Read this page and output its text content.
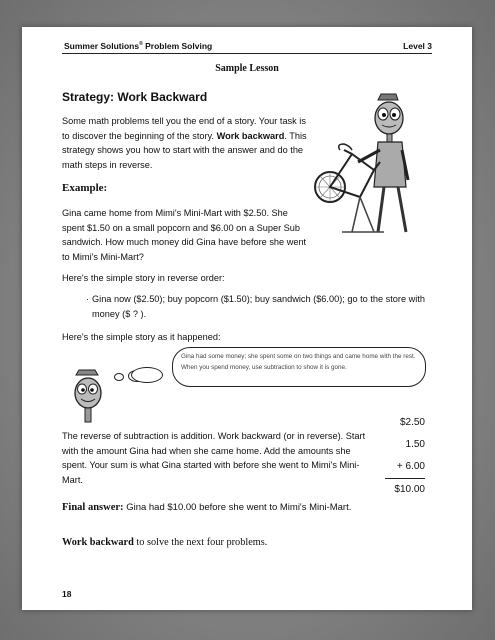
Summer Solutions® Problem Solving	Level 3
Sample Lesson
Strategy: Work Backward
Some math problems tell you the end of a story. Your task is to discover the beginning of the story. Work backward. This strategy shows you how to start with the answer and do the math steps in reverse.
Example:
Gina came home from Mimi's Mini-Mart with $2.50. She spent $1.50 on a small popcorn and $6.00 on a Super Sub sandwich. How much money did Gina have before she went to Mimi's Mini-Mart?
Here's the simple story in reverse order:
· Gina now ($2.50); buy popcorn ($1.50); buy sandwich ($6.00); go to the store with money ($ ? ).
Here's the simple story as it happened:
Gina had some money; she spent some on two things and came home with the rest. When you spend money, use subtraction to show it is gone.
The reverse of subtraction is addition. Work backward (or in reverse). Start with the amount Gina had when she came home. Add the amounts she spent. Your sum is what Gina started with before she went to Mimi's Mini-Mart.
$2.50
1.50
+ 6.00
$10.00
Final answer: Gina had $10.00 before she went to Mimi's Mini-Mart.
Work backward to solve the next four problems.
18
